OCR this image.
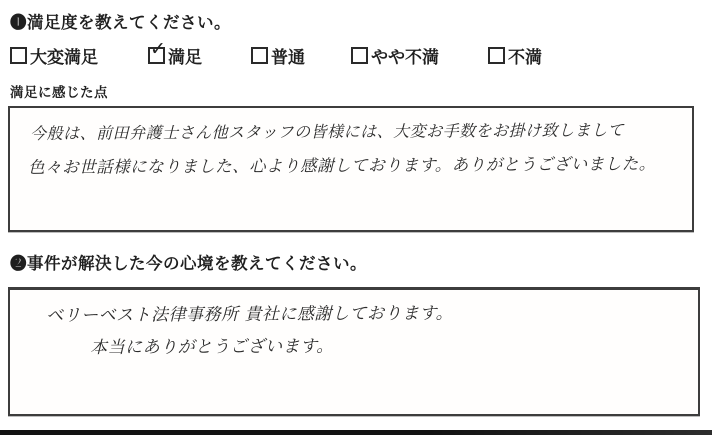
❶満足度を教えてください。
大変満足	✓ 満足	普通	やや不満	不満
満足に感じた点
今般は、前田弁護士さん他スタッフの皆様には、大変お手数をお掛け致しまして
色々お世話様になりました、心より感謝しております。ありがとうございました。
❷事件が解決した今の心境を教えてください。
ベリーベスト法律事務所 貴社に感謝しております。
本当にありがとうございます。
